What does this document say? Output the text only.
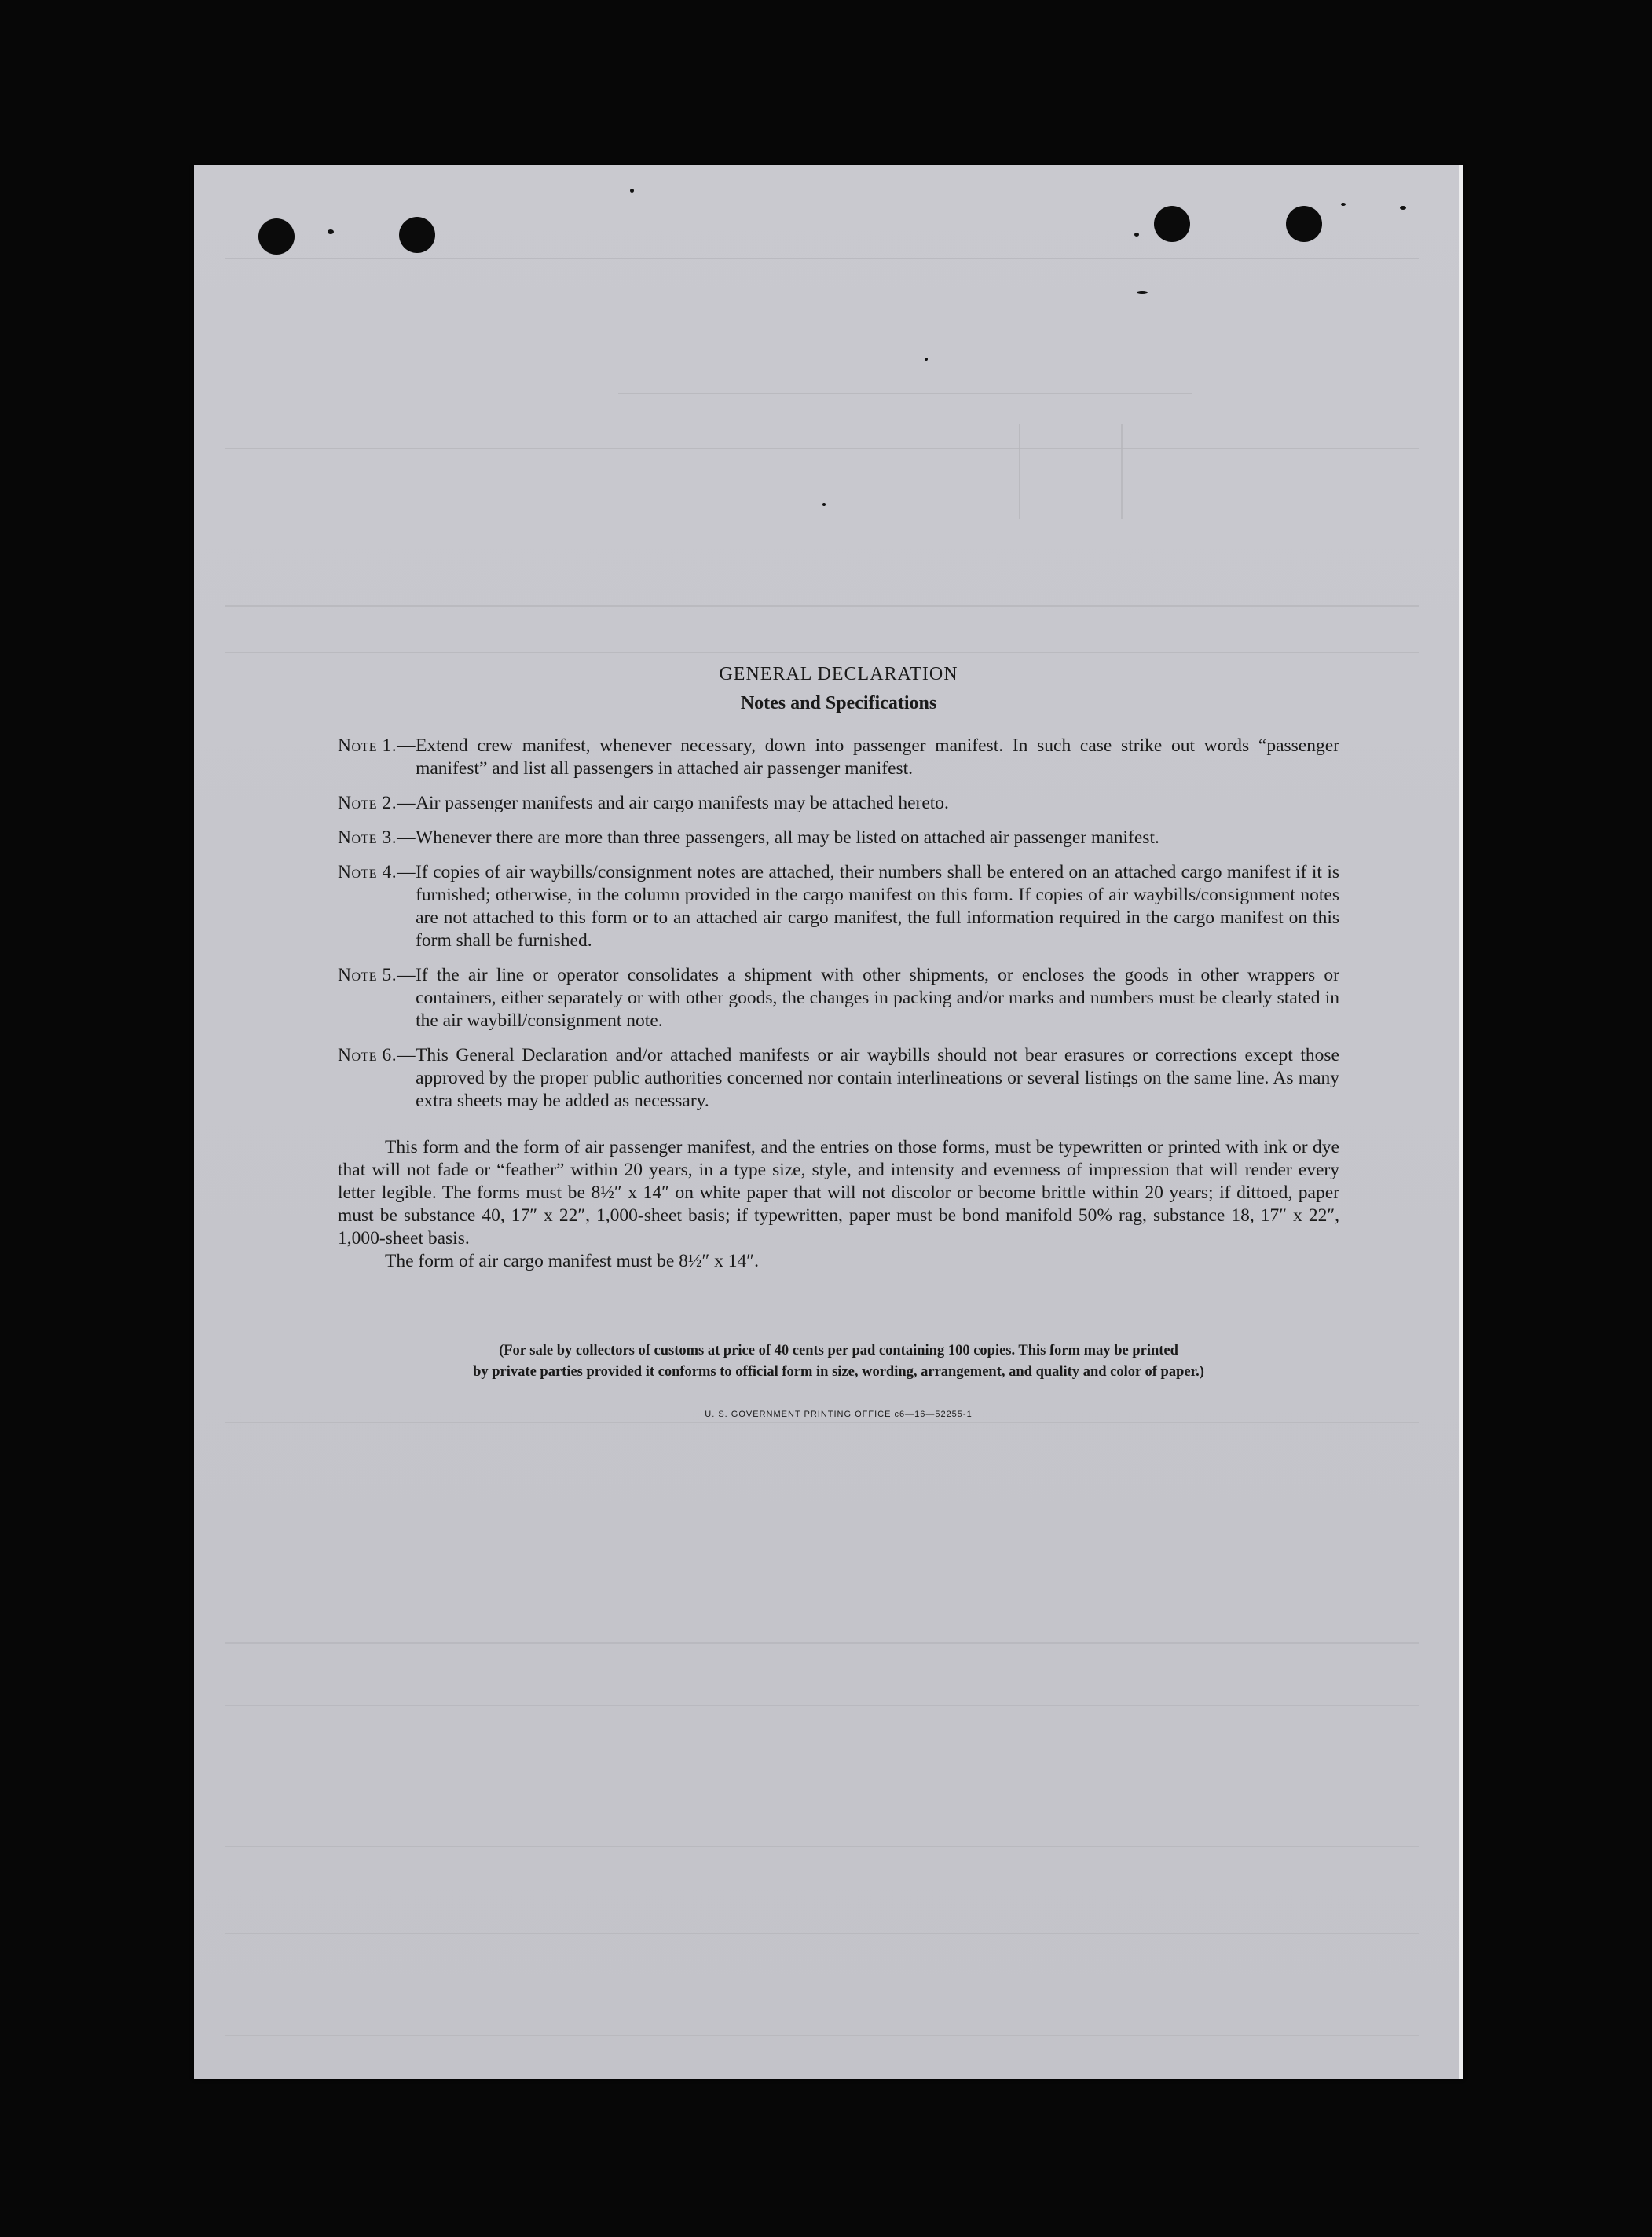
GENERAL DECLARATION
Notes and Specifications
Note 1.— Extend crew manifest, whenever necessary, down into passenger manifest. In such case strike out words “passenger manifest” and list all passengers in attached air passenger manifest.
Note 2.— Air passenger manifests and air cargo manifests may be attached hereto.
Note 3.— Whenever there are more than three passengers, all may be listed on attached air passenger manifest.
Note 4.— If copies of air waybills/consignment notes are attached, their numbers shall be entered on an attached cargo manifest if it is furnished; otherwise, in the column provided in the cargo manifest on this form. If copies of air waybills/consignment notes are not attached to this form or to an attached air cargo manifest, the full information required in the cargo manifest on this form shall be furnished.
Note 5.— If the air line or operator consolidates a shipment with other shipments, or encloses the goods in other wrappers or containers, either separately or with other goods, the changes in packing and/or marks and numbers must be clearly stated in the air waybill/consignment note.
Note 6.— This General Declaration and/or attached manifests or air waybills should not bear erasures or corrections except those approved by the proper public authorities concerned nor contain interlineations or several listings on the same line. As many extra sheets may be added as necessary.

This form and the form of air passenger manifest, and the entries on those forms, must be typewritten or printed with ink or dye that will not fade or “feather” within 20 years, in a type size, style, and intensity and evenness of impression that will render every letter legible. The forms must be 8½″ x 14″ on white paper that will not discolor or become brittle within 20 years; if dittoed, paper must be substance 40, 17″ x 22″, 1,000-sheet basis; if typewritten, paper must be bond manifold 50% rag, substance 18, 17″ x 22″, 1,000-sheet basis.

The form of air cargo manifest must be 8½″ x 14″.

(For sale by collectors of customs at price of 40 cents per pad containing 100 copies. This form may be printed
by private parties provided it conforms to official form in size, wording, arrangement, and quality and color of paper.)
U. S. GOVERNMENT PRINTING OFFICE c6—16—52255-1
